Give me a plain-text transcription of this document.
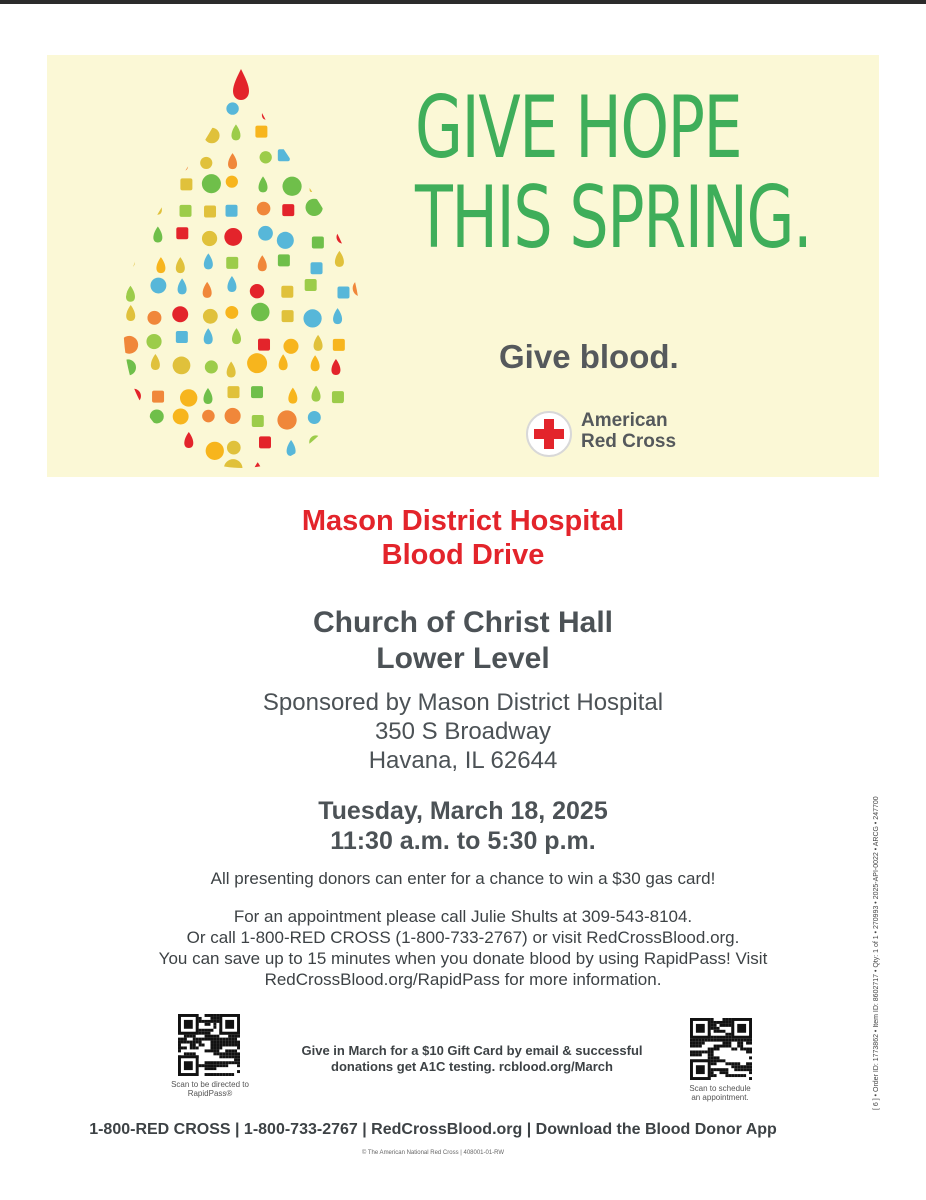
GIVE HOPE
THIS SPRING.
Give blood.
American
Red Cross
Mason District Hospital
Blood Drive
Church of Christ Hall
Lower Level
Sponsored by Mason District Hospital
350 S Broadway
Havana, IL 62644
Tuesday, March 18, 2025
11:30 a.m. to 5:30 p.m.
All presenting donors can enter for a chance to win a $30 gas card!
For an appointment please call Julie Shults at 309-543-8104.
Or call 1-800-RED CROSS (1-800-733-2767) or visit RedCrossBlood.org.
You can save up to 15 minutes when you donate blood by using RapidPass! Visit
RedCrossBlood.org/RapidPass for more information.
Scan to be directed to
RapidPass®
Give in March for a $10 Gift Card by email & successful
donations get A1C testing. rcblood.org/March
Scan to schedule
an appointment.
1-800-RED CROSS | 1-800-733-2767 | RedCrossBlood.org | Download the Blood Donor App
© The American National Red Cross | 408001-01-RW
[ 6 ] • Order ID: 1773862 • Item ID: 8602717 • Qty: 1 of 1 • 270993 • 2025-API-0022 • ARCG • 247700
